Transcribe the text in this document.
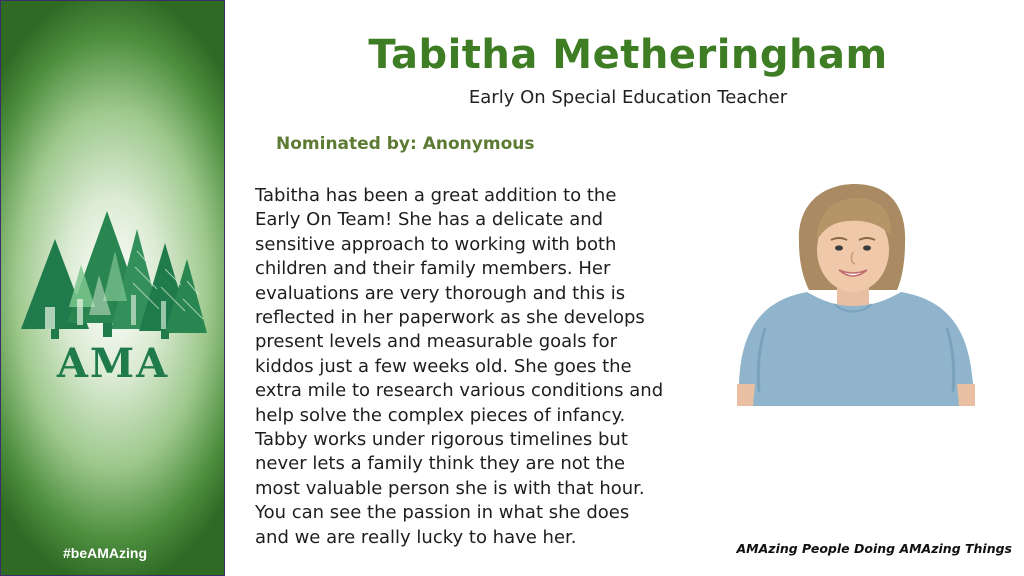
AMA
#beAMAzing
Tabitha Metheringham
Early On Special Education Teacher
Nominated by: Anonymous
Tabitha has been a great addition to the
Early On Team! She has a delicate and
sensitive approach to working with both
children and their family members. Her
evaluations are very thorough and this is
reflected in her paperwork as she develops
present levels and measurable goals for
kiddos just a few weeks old. She goes the
extra mile to research various conditions and
help solve the complex pieces of infancy.
Tabby works under rigorous timelines but
never lets a family think they are not the
most valuable person she is with that hour.
You can see the passion in what she does
and we are really lucky to have her.
AMAzing People Doing AMAzing Things
